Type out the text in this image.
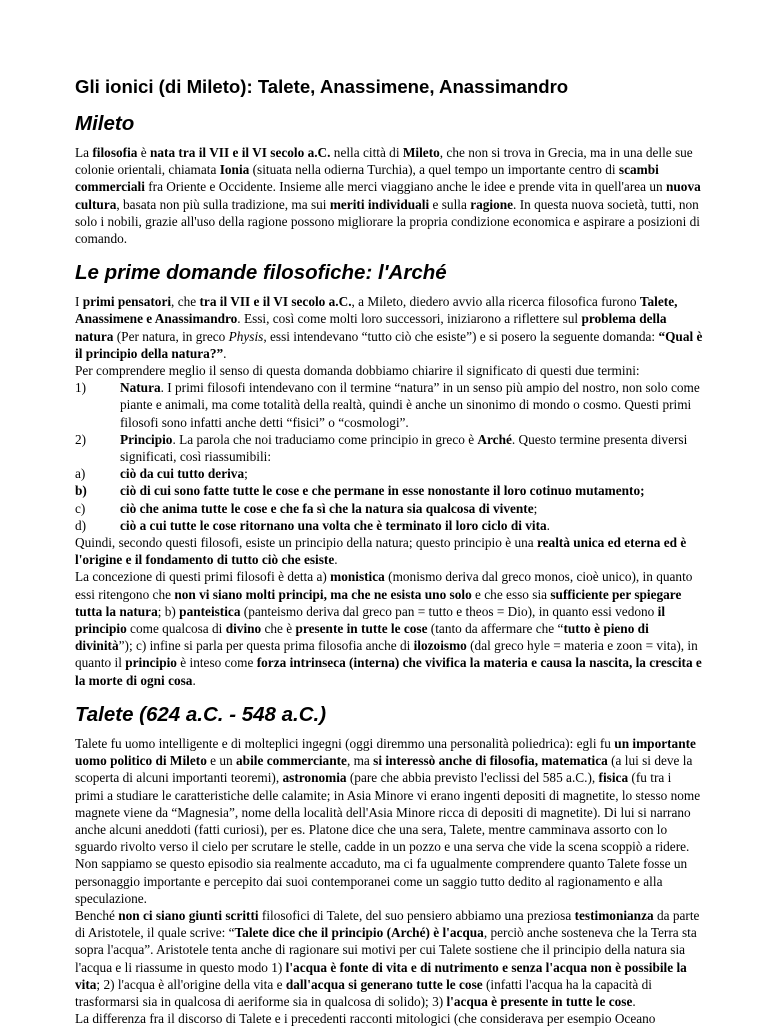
Gli ionici (di Mileto): Talete, Anassimene, Anassimandro
Mileto

La filosofia è nata tra il VII e il VI secolo a.C. nella città di Mileto, che non si trova in Grecia, ma in una delle sue colonie orientali, chiamata Ionia (situata nella odierna Turchia), a quel tempo un importante centro di scambi commerciali fra Oriente e Occidente. Insieme alle merci viaggiano anche le idee e prende vita in quell'area un nuova cultura, basata non più sulla tradizione, ma sui meriti individuali e sulla ragione. In questa nuova società, tutti, non solo i nobili, grazie all'uso della ragione possono migliorare la propria condizione economica e aspirare a posizioni di comando.

Le prime domande filosofiche: l'Arché

I primi pensatori, che tra il VII e il VI secolo a.C., a Mileto, diedero avvio alla ricerca filosofica furono Talete, Anassimene e Anassimandro. Essi, così come molti loro successori, iniziarono a riflettere sul problema della natura (Per natura, in greco Physis, essi intendevano “tutto ciò che esiste”) e si posero la seguente domanda: “Qual è il principio della natura?”.

Per comprendere meglio il senso di questa domanda dobbiamo chiarire il significato di questi due termini:

1)	Natura. I primi filosofi intendevano con il termine “natura” in un senso più ampio del nostro, non solo come piante e animali, ma come totalità della realtà, quindi è anche un sinonimo di mondo o cosmo. Questi primi filosofi sono infatti anche detti “fisici” o “cosmologi”.
2)	Principio. La parola che noi traduciamo come principio in greco è Arché. Questo termine presenta diversi significati, così riassumibili:
a)	ciò da cui tutto deriva;
b)	ciò di cui sono fatte tutte le cose e che permane in esse nonostante il loro cotinuo mutamento;
c)	ciò che anima tutte le cose e che fa sì che la natura sia qualcosa di vivente;
d)	ciò a cui tutte le cose ritornano una volta che è terminato il loro ciclo di vita.

Quindi, secondo questi filosofi, esiste un principio della natura; questo principio è una realtà unica ed eterna ed è l'origine e il fondamento di tutto ciò che esiste.

La concezione di questi primi filosofi è detta a) monistica (monismo deriva dal greco monos, cioè unico), in quanto essi ritengono che non vi siano molti principi, ma che ne esista uno solo e che esso sia sufficiente per spiegare tutta la natura; b) panteistica (panteismo deriva dal greco pan = tutto e theos = Dio), in quanto essi vedono il principio come qualcosa di divino che è presente in tutte le cose (tanto da affermare che “tutto è pieno di divinità”); c) infine si parla per questa prima filosofia anche di ilozoismo (dal greco hyle = materia e zoon = vita), in quanto il principio è inteso come forza intrinseca (interna) che vivifica la materia e causa la nascita, la crescita e la morte di ogni cosa.

Talete (624 a.C. - 548 a.C.)

Talete fu uomo intelligente e di molteplici ingegni (oggi diremmo una personalità poliedrica): egli fu un importante uomo politico di Mileto e un abile commerciante, ma si interessò anche di filosofia, matematica (a lui si deve la scoperta di alcuni importanti teoremi), astronomia (pare che abbia previsto l'eclissi del 585 a.C.), fisica (fu tra i primi a studiare le caratteristiche delle calamite; in Asia Minore vi erano ingenti depositi di magnetite, lo stesso nome magnete viene da “Magnesia”, nome della località dell'Asia Minore ricca di depositi di magnetite). Di lui si narrano anche alcuni aneddoti (fatti curiosi), per es. Platone dice che una sera, Talete, mentre camminava assorto con lo sguardo rivolto verso il cielo per scrutare le stelle, cadde in un pozzo e una serva che vide la scena scoppiò a ridere. Non sappiamo se questo episodio sia realmente accaduto, ma ci fa ugualmente comprendere quanto Talete fosse un personaggio importante e percepito dai suoi contemporanei come un saggio tutto dedito al ragionamento e alla speculazione.

Benché non ci siano giunti scritti filosofici di Talete, del suo pensiero abbiamo una preziosa testimonianza da parte di Aristotele, il quale scrive: “Talete dice che il principio (Arché) è l'acqua, perciò anche sosteneva che la Terra sta sopra l'acqua”. Aristotele tenta anche di ragionare sui motivi per cui Talete sostiene che il principio della natura sia l'acqua e li riassume in questo modo 1) l'acqua è fonte di vita e di nutrimento e senza l'acqua non è possibile la vita; 2) l'acqua è all'origine della vita e dall'acqua si generano tutte le cose (infatti l'acqua ha la capacità di trasformarsi sia in qualcosa di aeriforme sia in qualcosa di solido); 3) l'acqua è presente in tutte le cose.

La differenza fra il discorso di Talete e i precedenti racconti mitologici (che considerava per esempio Oceano
